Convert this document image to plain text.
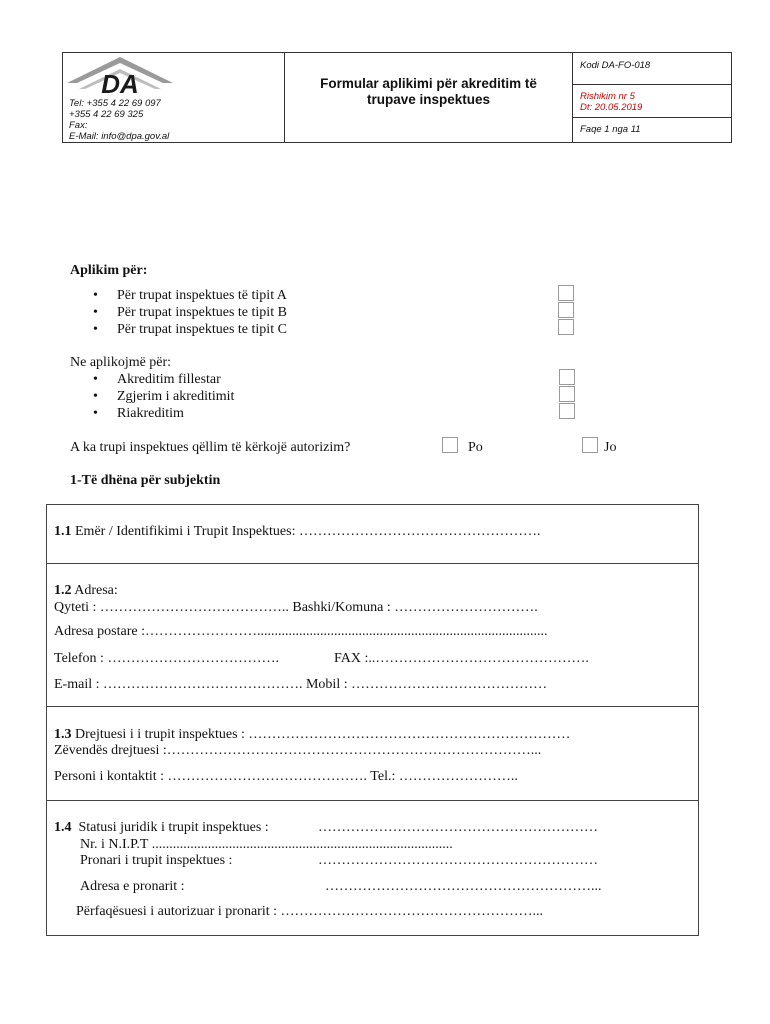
DA
Tel: +355 4 22 69 097
+355 4 22 69 325
Fax:
E-Mail: info@dpa.gov.al
Formular aplikimi për akreditim të
trupave inspektues
Kodi DA-FO-018
Rishikim nr 5
Dt: 20.05.2019
Faqe 1 nga 11
Aplikim për:
• Për trupat inspektues të tipit A
• Për trupat inspektues te tipit B
• Për trupat inspektues te tipit C
Ne aplikojmë për:
• Akreditim fillestar
• Zgjerim i akreditimit
• Riakreditim
A ka trupi inspektues qëllim të kërkojë autorizim?	Po	Jo
1-Të dhëna për subjektin
1.1 Emër / Identifikimi i Trupit Inspektues: …………………………………………….
1.2 Adresa:
Qyteti : ………………………………….. Bashki/Komuna : ………………………….
Adresa postare :……………………...................................................................................
Telefon : ……………………………….	FAX :..……………………………………….
E-mail : ……………………………………. Mobil : ……………………………………
1.3 Drejtuesi i i trupit inspektues : ……………………………………………………………
Zëvendës drejtuesi :……………………………………………………………………...
Personi i kontaktit : ……………………………………. Tel.: ……………………..
1.4 Statusi juridik i trupit inspektues :	……………………………………………………
Nr. i N.I.P.T ......................................................................................
Pronari i trupit inspektues :	……………………………………………………
Adresa e pronarit :	…………………………………………………...
Përfaqësuesi i autorizuar i pronarit : ………………………………………………...
